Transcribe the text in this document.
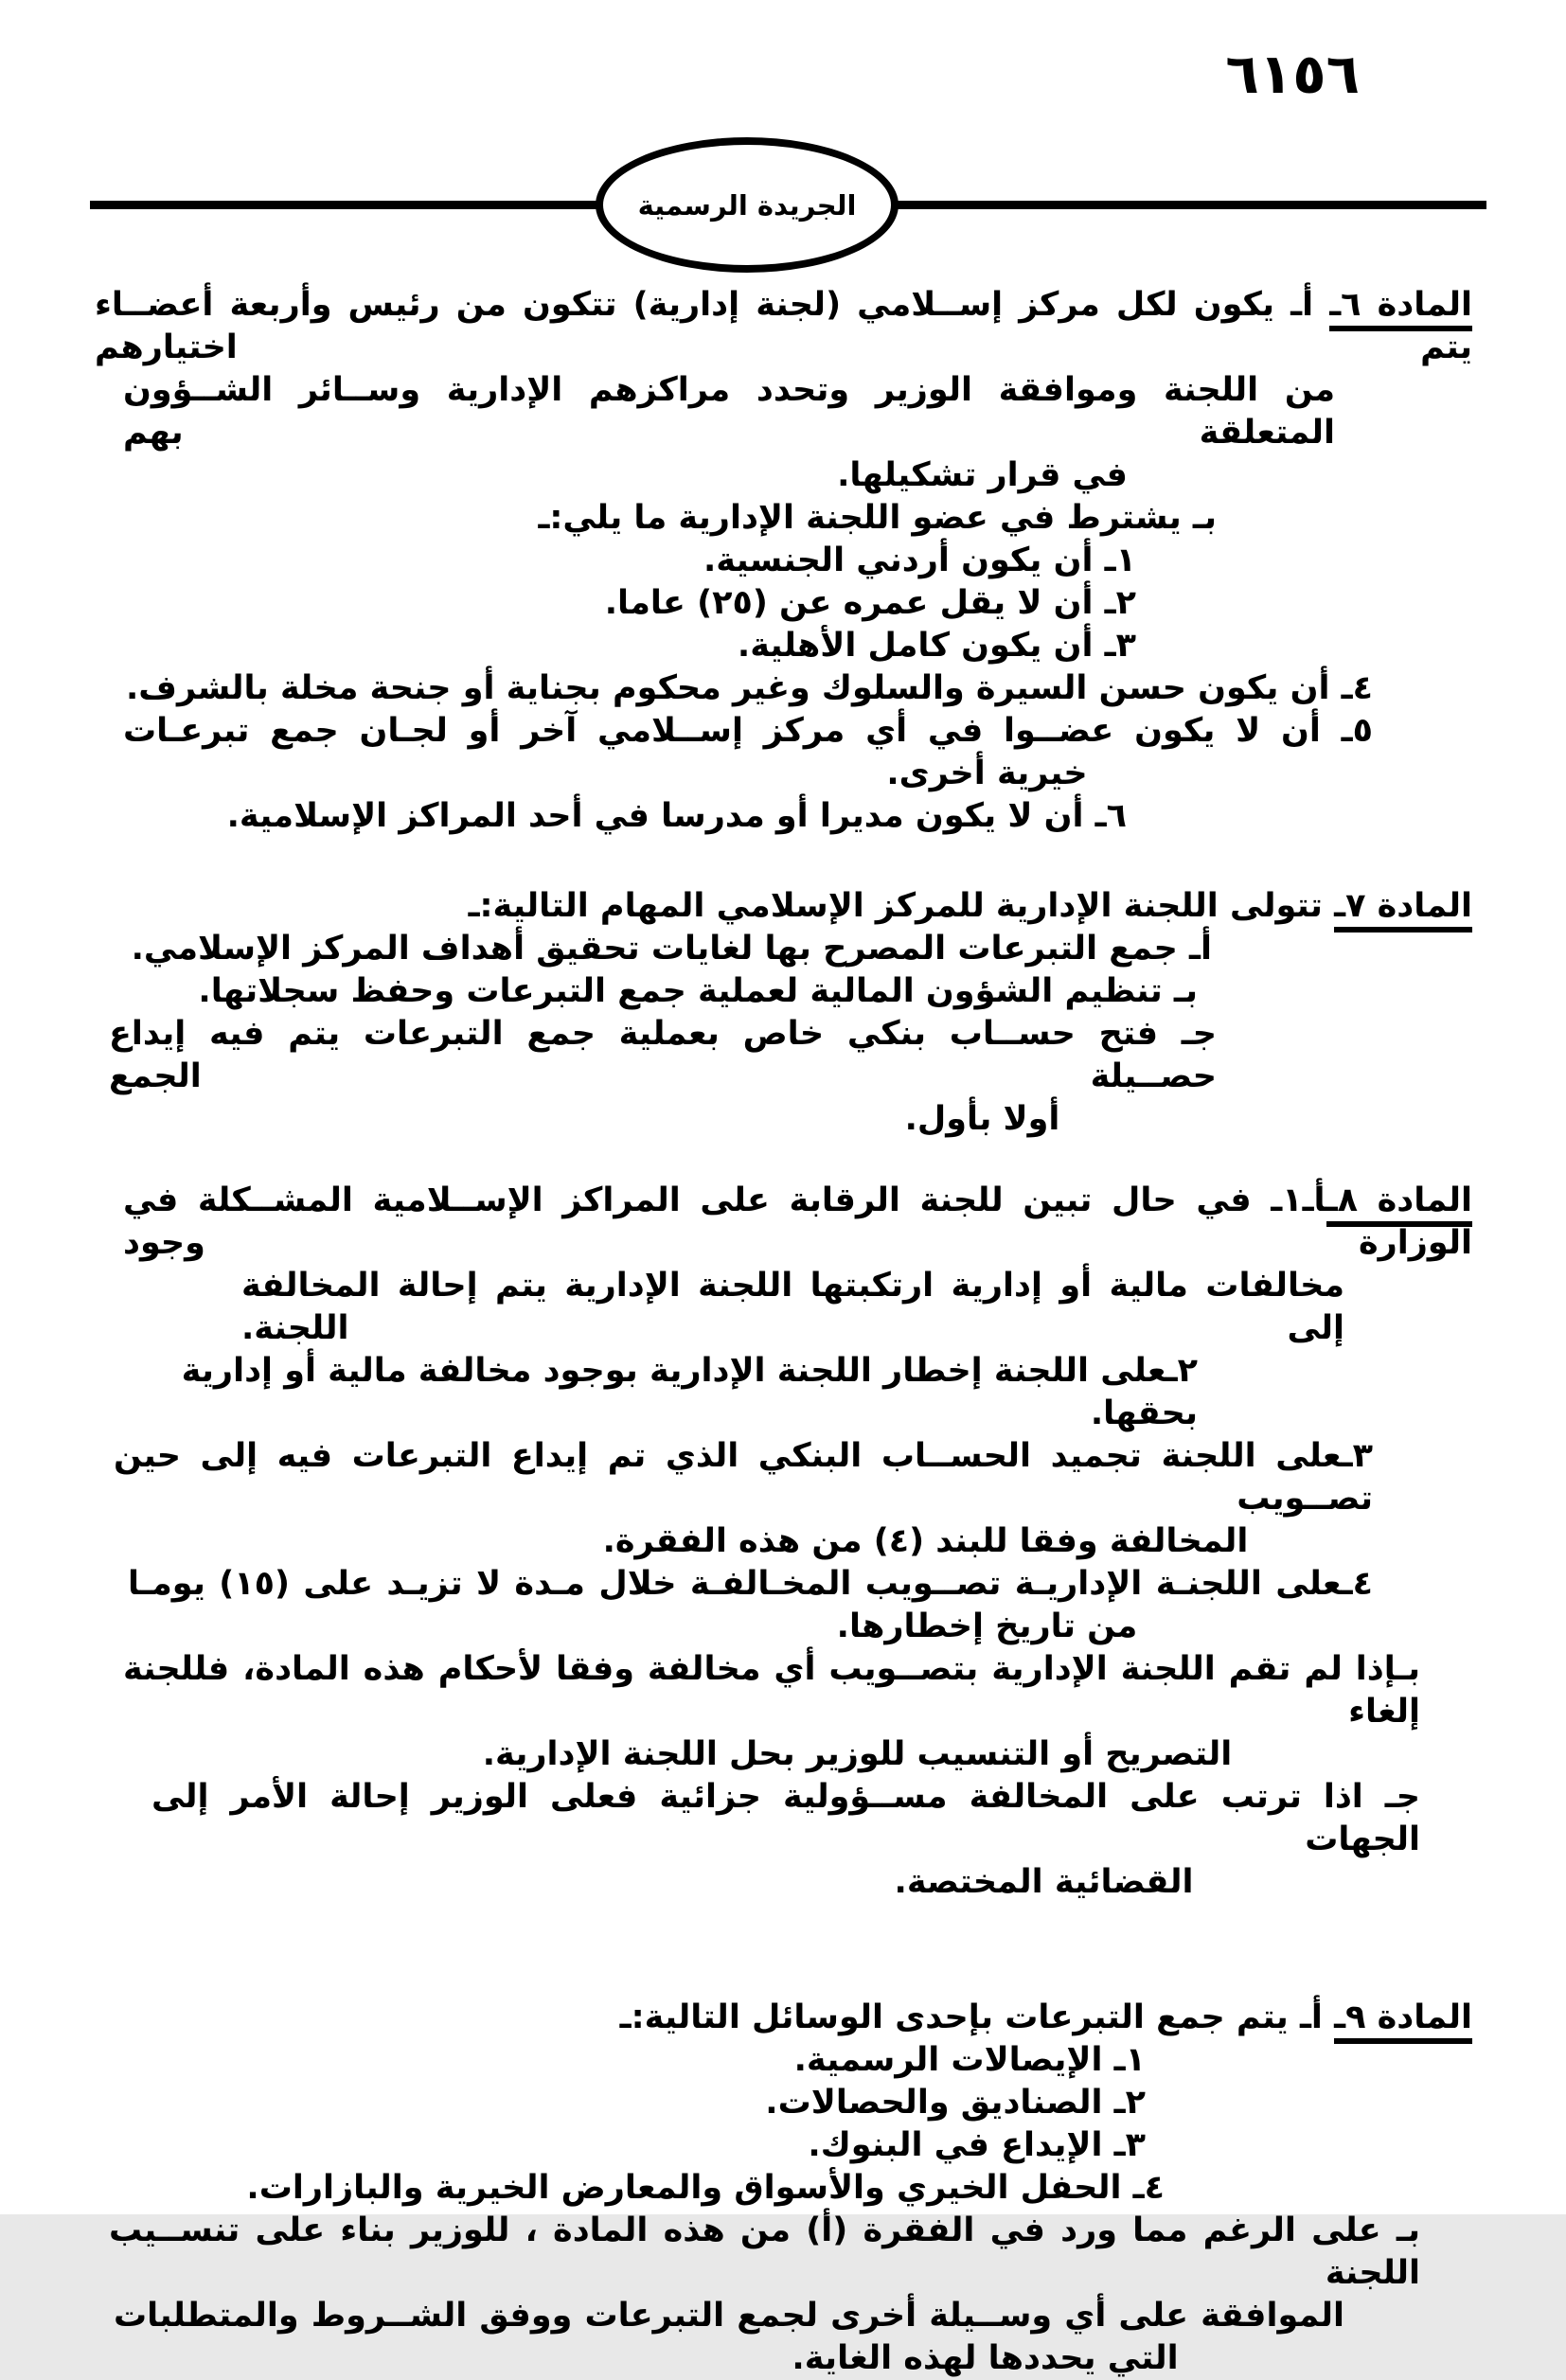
٦١٥٦
الجريدة الرسمية
المادة ٦ـ أـ يكون لكل مركز إســلامي (لجنة إدارية) تتكون من رئيس وأربعة أعضــاء يتم اختيارهم
من اللجنة وموافقة الوزير وتحدد مراكزهم الإدارية وســائر الشــؤون المتعلقة بهم
في قرار تشكيلها.
بـ يشترط في عضو اللجنة الإدارية ما يلي:ـ
١ـ أن يكون أردني الجنسية.
٢ـ أن لا يقل عمره عن (٢٥) عاما.
٣ـ أن يكون كامل الأهلية.
٤ـ أن يكون حسن السيرة والسلوك وغير محكوم بجناية أو جنحة مخلة بالشرف.
٥ـ أن لا يكون عضــوا في أي مركز إســلامي آخر أو لجـان جمع تبرعـات
خيرية أخرى.
٦ـ أن لا يكون مديرا أو مدرسا في أحد المراكز الإسلامية.
المادة ٧ـ تتولى اللجنة الإدارية للمركز الإسلامي المهام التالية:ـ
أـ جمع التبرعات المصرح بها لغايات تحقيق أهداف المركز الإسلامي.
بـ تنظيم الشؤون المالية لعملية جمع التبرعات وحفظ سجلاتها.
جـ فتح حســاب بنكي خاص بعملية جمع التبرعات يتم فيه إيداع حصــيلة الجمع
أولا بأول.
المادة ٨ـأـ١ـ في حال تبين للجنة الرقابة على المراكز الإســلامية المشــكلة في الوزارة وجود
مخالفات مالية أو إدارية ارتكبتها اللجنة الإدارية يتم إحالة المخالفة إلى اللجنة.
٢ـعلى اللجنة إخطار اللجنة الإدارية بوجود مخالفة مالية أو إدارية بحقها.
٣ـعلى اللجنة تجميد الحســاب البنكي الذي تم إيداع التبرعات فيه إلى حين تصــويب
المخالفة وفقا للبند (٤) من هذه الفقرة.
٤ـعلى اللجنـة الإداريـة تصــويب المخـالفـة خلال مـدة لا تزيـد على (١٥) يومـا
من تاريخ إخطارها.
بـإذا لم تقم اللجنة الإدارية بتصــويب أي مخالفة وفقا لأحكام هذه المادة، فللجنة إلغاء
التصريح أو التنسيب للوزير بحل اللجنة الإدارية.
جـ اذا ترتب على المخالفة مســؤولية جزائية فعلى الوزير إحالة الأمر إلى الجهات
القضائية المختصة.
المادة ٩ـ أـ يتم جمع التبرعات بإحدى الوسائل التالية:ـ
١ـ الإيصالات الرسمية.
٢ـ الصناديق والحصالات.
٣ـ الإيداع في البنوك.
٤ـ الحفل الخيري والأسواق والمعارض الخيرية والبازارات.
بـ على الرغم مما ورد في الفقرة (أ) من هذه المادة ، للوزير بناء على تنســيب اللجنة
الموافقة على أي وســيلة أخرى لجمع التبرعات ووفق الشــروط والمتطلبات
التي يحددها لهذه الغاية.
